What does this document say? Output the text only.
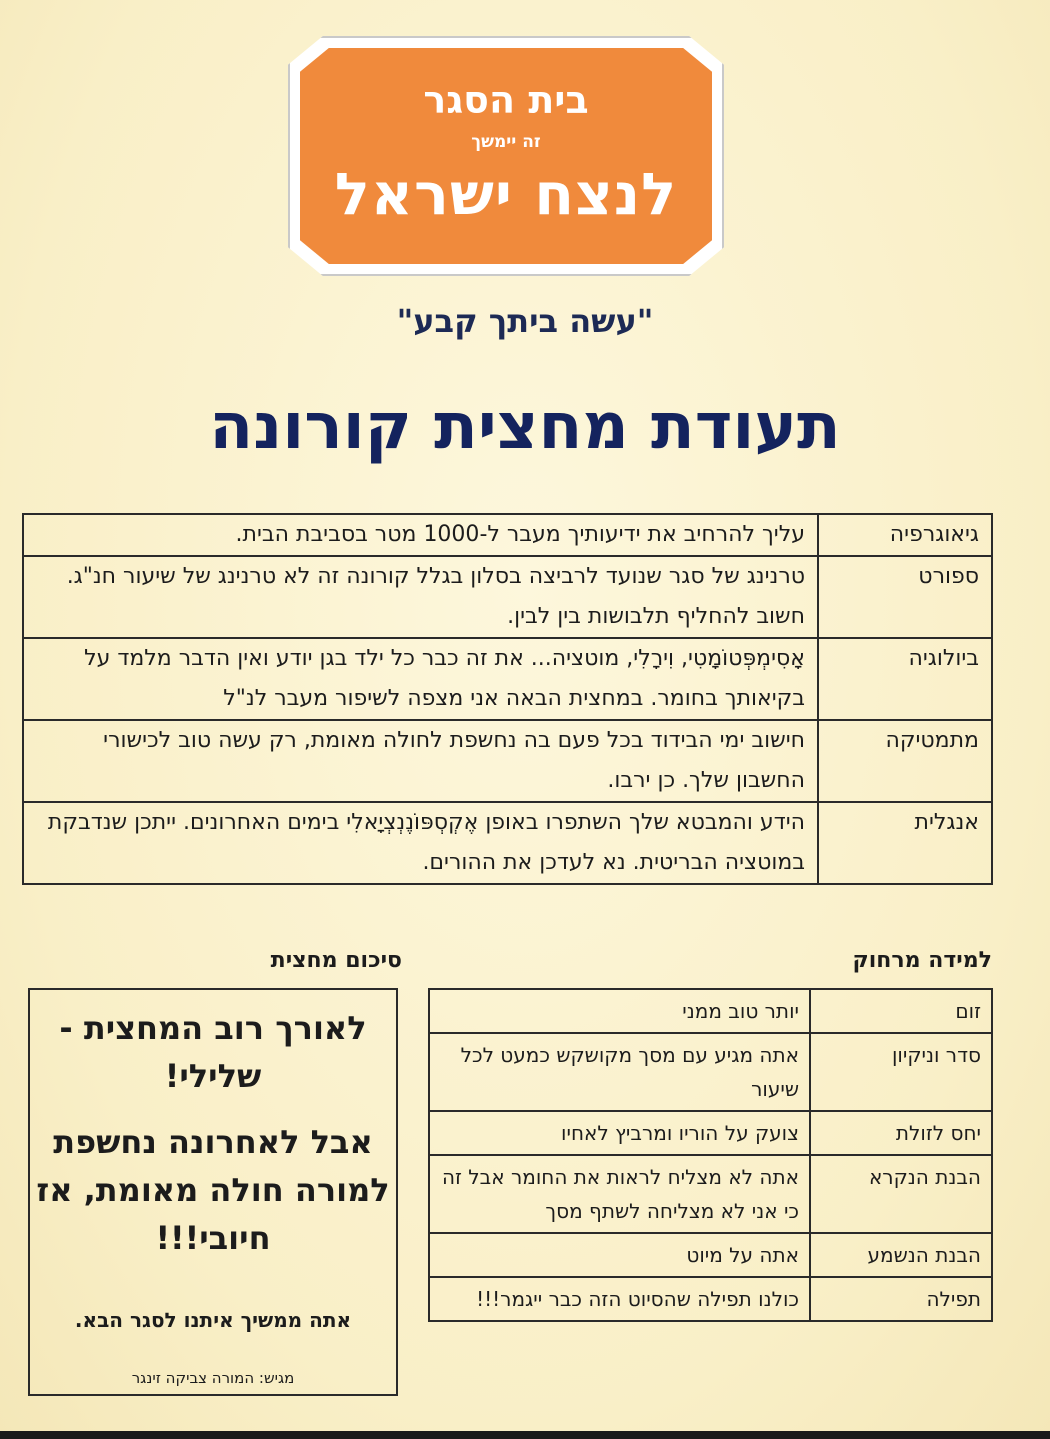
בית הסגר
זה יימשך
לנצח ישראל
"עשה ביתך קבע"
תעודת מחצית קורונה
גיאוגרפיה	עליך להרחיב את ידיעותיך מעבר ל-1000 מטר בסביבת הבית.
ספורט	טרנינג של סגר שנועד לרביצה בסלון בגלל קורונה זה לא טרנינג של שיעור חנ"ג. חשוב להחליף תלבושות בין לבין.
ביולוגיה	אָסִימְפְּטוֹמָטִי, וִירָלִי, מוטציה... את זה כבר כל ילד בגן יודע ואין הדבר מלמד על בקיאותך בחומר. במחצית הבאה אני מצפה לשיפור מעבר לנ"ל
מתמטיקה	חישוב ימי הבידוד בכל פעם בה נחשפת לחולה מאומת, רק עשה טוב לכישורי החשבון שלך. כן ירבו.
אנגלית	הידע והמבטא שלך השתפרו באופן אֶקְסְפּוֹנֶנְצְיָאלִי בימים האחרונים. ייתכן שנדבקת במוטציה הבריטית. נא לעדכן את ההורים.
למידה מרחוק
סיכום מחצית
זום	יותר טוב ממני
סדר וניקיון	אתה מגיע עם מסך מקושקש כמעט לכל שיעור
יחס לזולת	צועק על הוריו ומרביץ לאחיו
הבנת הנקרא	אתה לא מצליח לראות את החומר אבל זה כי אני לא מצליחה לשתף מסך
הבנת הנשמע	אתה על מיוט
תפילה	כולנו תפילה שהסיוט הזה כבר ייגמר!!!

לאורך רוב המחצית - שלילי!

אבל לאחרונה נחשפת למורה חולה מאומת, אז חיובי!!!

אתה ממשיך איתנו לסגר הבא.

מגיש: המורה צביקה זינגר
